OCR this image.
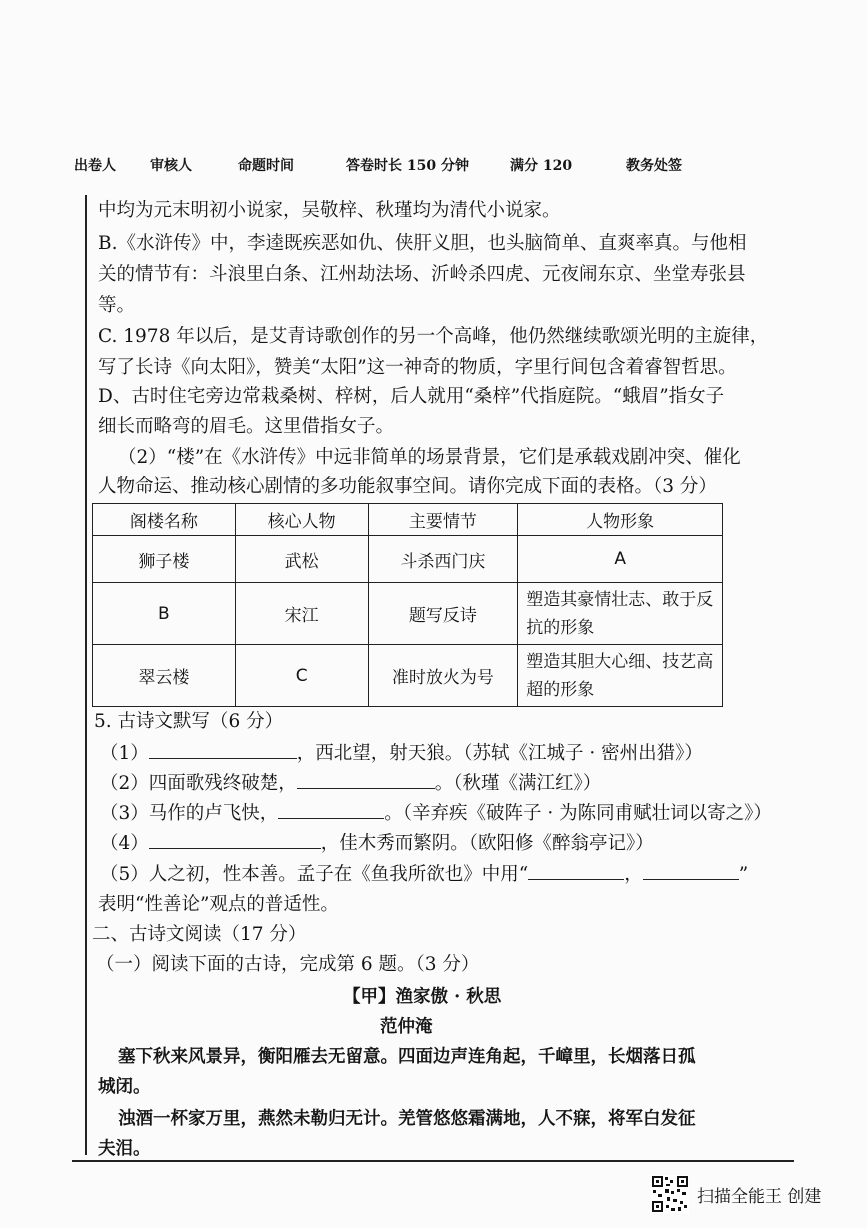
出卷人 审核人	命题时间	答卷时长 150 分钟	满分 120	教务处签
中均为元末明初小说家，吴敬梓、秋瑾均为清代小说家。
B.《水浒传》中，李逵既疾恶如仇、侠肝义胆，也头脑简单、直爽率真。与他相
关的情节有：斗浪里白条、江州劫法场、沂岭杀四虎、元夜闹东京、坐堂寿张县
等。
C. 1978 年以后，是艾青诗歌创作的另一个高峰，他仍然继续歌颂光明的主旋律，
写了长诗《向太阳》，赞美“太阳”这一神奇的物质，字里行间包含着睿智哲思。
D、古时住宅旁边常栽桑树、梓树，后人就用“桑梓”代指庭院。“蛾眉”指女子
细长而略弯的眉毛。这里借指女子。
（2）“楼”在《水浒传》中远非简单的场景背景，它们是承载戏剧冲突、催化
人物命运、推动核心剧情的多功能叙事空间。请你完成下面的表格。（3 分）
阁楼名称	核心人物	主要情节	人物形象
狮子楼	武松	斗杀西门庆	A
B	宋江	题写反诗	塑造其豪情壮志、敢于反
抗的形象
翠云楼	C	准时放火为号	塑造其胆大心细、技艺高
超的形象
5. 古诗文默写（6 分）
（1）	，西北望，射天狼。（苏轼《江城子 · 密州出猎》）
（2）四面歌残终破楚，	。（秋瑾《满江红》）
（3）马作的卢飞快，	。（辛弃疾《破阵子 · 为陈同甫赋壮词以寄之》）
（4）	，佳木秀而繁阴。（欧阳修《醉翁亭记》）
（5）人之初，性本善。孟子在《鱼我所欲也》中用“	，	”
表明“性善论”观点的普适性。
二、古诗文阅读（17 分）
（一）阅读下面的古诗，完成第 6 题。（3 分）
【甲】渔家傲 · 秋思
范仲淹
塞下秋来风景异，衡阳雁去无留意。四面边声连角起，千嶂里，长烟落日孤
城闭。
浊酒一杯家万里，燕然未勒归无计。羌管悠悠霜满地，人不寐，将军白发征
夫泪。
扫描全能王 创建
